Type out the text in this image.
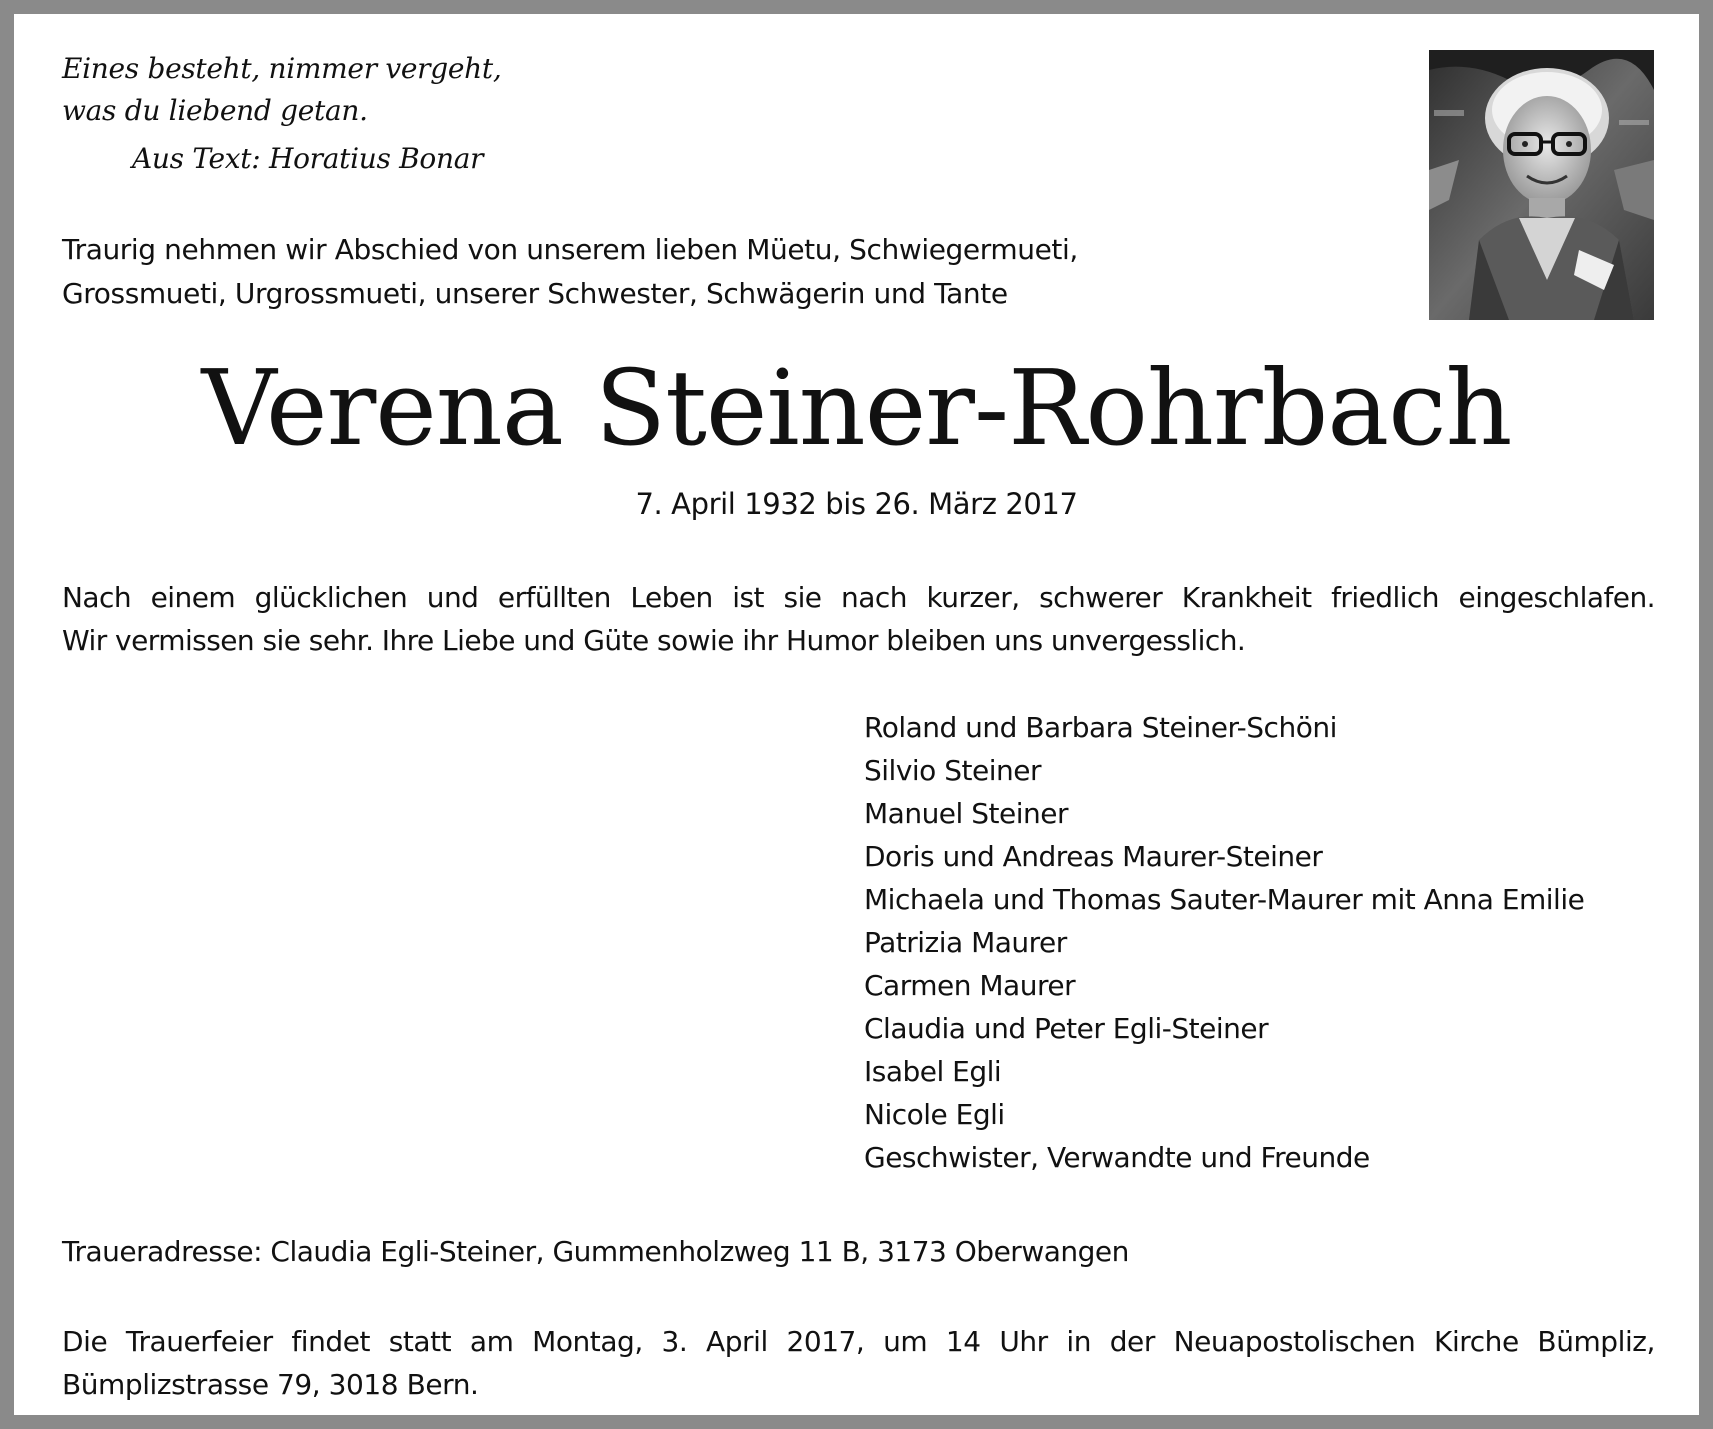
Eines besteht, nimmer vergeht,
was du liebend getan.
Aus Text: Horatius Bonar
Traurig nehmen wir Abschied von unserem lieben Müetu, Schwiegermueti,
Grossmueti, Urgrossmueti, unserer Schwester, Schwägerin und Tante
Verena Steiner-Rohrbach
7. April 1932 bis 26. März 2017
Nach einem glücklichen und erfüllten Leben ist sie nach kurzer, schwerer Krankheit friedlich eingeschlafen.
Wir vermissen sie sehr. Ihre Liebe und Güte sowie ihr Humor bleiben uns unvergesslich.
Roland und Barbara Steiner-Schöni
Silvio Steiner
Manuel Steiner
Doris und Andreas Maurer-Steiner
Michaela und Thomas Sauter-Maurer mit Anna Emilie
Patrizia Maurer
Carmen Maurer
Claudia und Peter Egli-Steiner
Isabel Egli
Nicole Egli
Geschwister, Verwandte und Freunde
Traueradresse: Claudia Egli-Steiner, Gummenholzweg 11 B, 3173 Oberwangen
Die Trauerfeier findet statt am Montag, 3. April 2017, um 14 Uhr in der Neuapostolischen Kirche Bümpliz,
Bümplizstrasse 79, 3018 Bern.
